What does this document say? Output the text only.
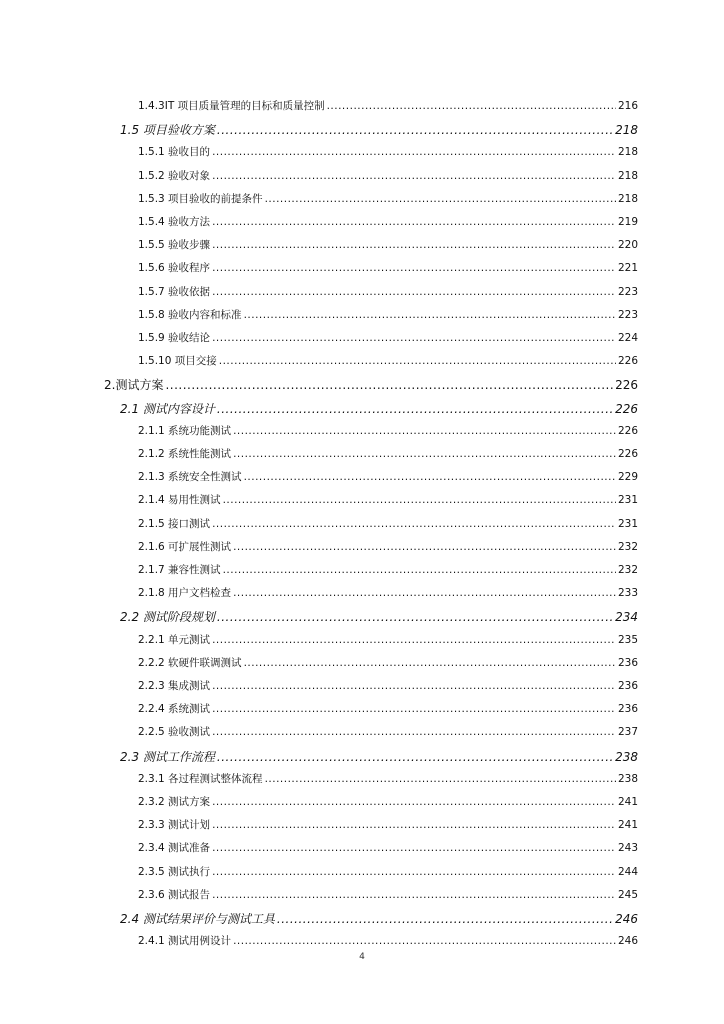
1.4.3IT 项目质量管理的目标和质量控制 .....	216
1.5 项目验收方案 .....	218
1.5.1 验收目的 .....	218
1.5.2 验收对象 .....	218
1.5.3 项目验收的前提条件 .....	218
1.5.4 验收方法 .....	219
1.5.5 验收步骤 .....	220
1.5.6 验收程序 .....	221
1.5.7 验收依据 .....	223
1.5.8 验收内容和标准 .....	223
1.5.9 验收结论 .....	224
1.5.10 项目交接 .....	226
2.测试方案 .....	226
2.1 测试内容设计 .....	226
2.1.1 系统功能测试 .....	226
2.1.2 系统性能测试 .....	226
2.1.3 系统安全性测试 .....	229
2.1.4 易用性测试 .....	231
2.1.5 接口测试 .....	231
2.1.6 可扩展性测试 .....	232
2.1.7 兼容性测试 .....	232
2.1.8 用户文档检查 .....	233
2.2 测试阶段规划 .....	234
2.2.1 单元测试 .....	235
2.2.2 软硬件联调测试 .....	236
2.2.3 集成测试 .....	236
2.2.4 系统测试 .....	236
2.2.5 验收测试 .....	237
2.3 测试工作流程 .....	238
2.3.1 各过程测试整体流程 .....	238
2.3.2 测试方案 .....	241
2.3.3 测试计划 .....	241
2.3.4 测试准备 .....	243
2.3.5 测试执行 .....	244
2.3.6 测试报告 .....	245
2.4 测试结果评价与测试工具 .....	246
2.4.1 测试用例设计 .....	246
4
